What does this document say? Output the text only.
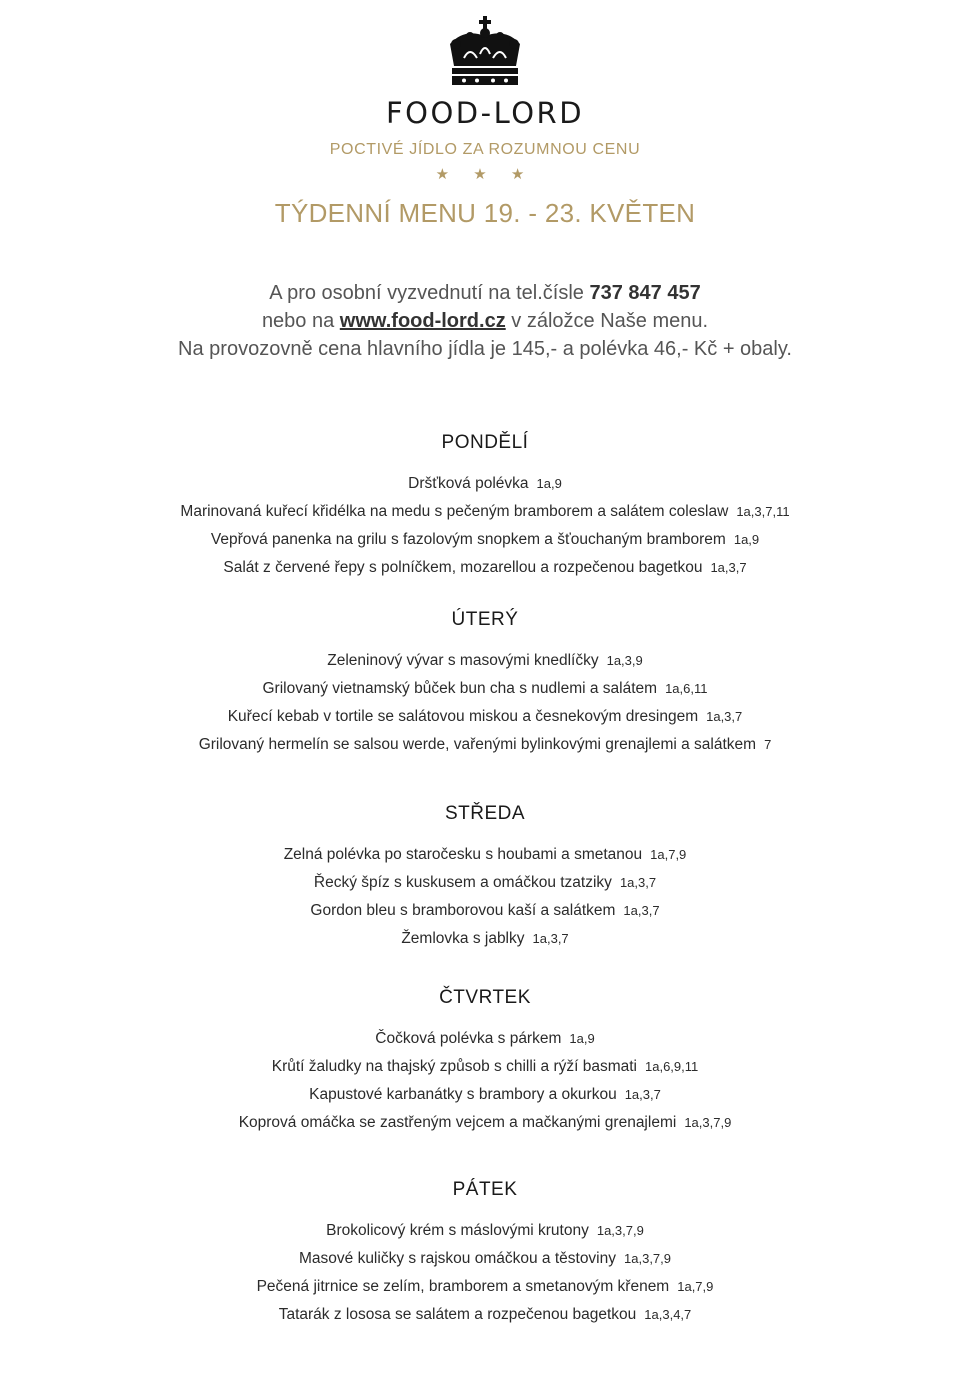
FOOD-LORD
POCTIVÉ JÍDLO ZA ROZUMNOU CENU
★ ★ ★
TÝDENNÍ MENU 19. - 23. KVĚTEN
A pro osobní vyzvednutí na tel.čísle 737 847 457
nebo na www.food-lord.cz v záložce Naše menu.
Na provozovně cena hlavního jídla je 145,- a polévka 46,- Kč + obaly.
PONDĚLÍ
Dršťková polévka 1a,9
Marinovaná kuřecí křidélka na medu s pečeným bramborem a salátem coleslaw 1a,3,7,11
Vepřová panenka na grilu s fazolovým snopkem a šťouchaným bramborem 1a,9
Salát z červené řepy s polníčkem, mozarellou a rozpečenou bagetkou 1a,3,7
ÚTERÝ
Zeleninový vývar s masovými knedlíčky 1a,3,9
Grilovaný vietnamský bůček bun cha s nudlemi a salátem 1a,6,11
Kuřecí kebab v tortile se salátovou miskou a česnekovým dresingem 1a,3,7
Grilovaný hermelín se salsou werde, vařenými bylinkovými grenajlemi a salátkem 7
STŘEDA
Zelná polévka po staročesku s houbami a smetanou 1a,7,9
Řecký špíz s kuskusem a omáčkou tzatziky 1a,3,7
Gordon bleu s bramborovou kaší a salátkem 1a,3,7
Žemlovka s jablky 1a,3,7
ČTVRTEK
Čočková polévka s párkem 1a,9
Krůtí žaludky na thajský způsob s chilli a rýží basmati 1a,6,9,11
Kapustové karbanátky s brambory a okurkou 1a,3,7
Koprová omáčka se zastřeným vejcem a mačkanými grenajlemi 1a,3,7,9
PÁTEK
Brokolicový krém s máslovými krutony 1a,3,7,9
Masové kuličky s rajskou omáčkou a těstoviny 1a,3,7,9
Pečená jitrnice se zelím, bramborem a smetanovým křenem 1a,7,9
Tatarák z lososa se salátem a rozpečenou bagetkou 1a,3,4,7
